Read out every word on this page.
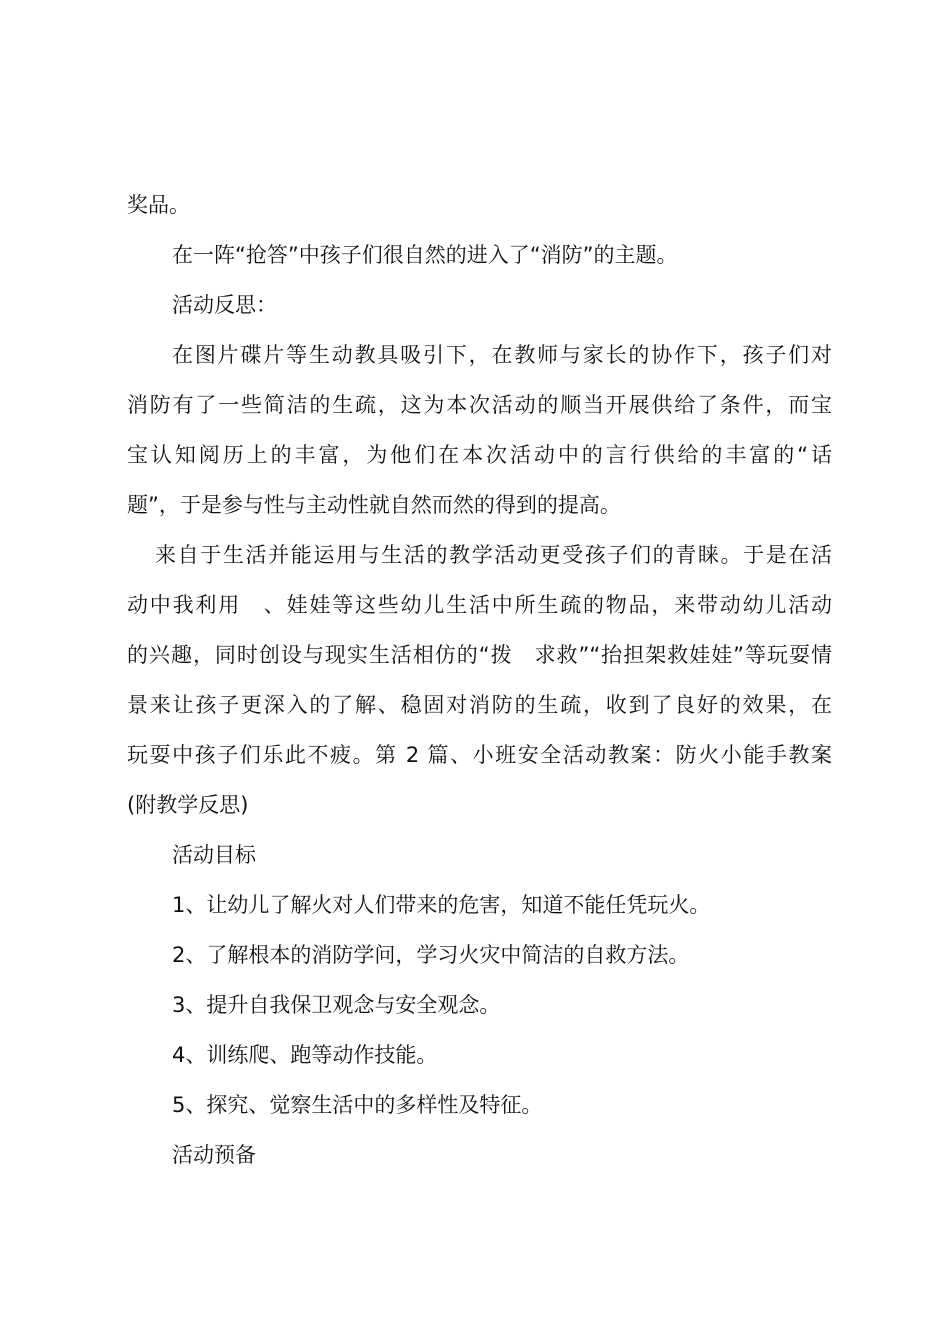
奖品。
在一阵“抢答”中孩子们很自然的进入了“消防”的主题。
活动反思：
在图片碟片等生动教具吸引下，在教师与家长的协作下，孩子们对
消防有了一些简洁的生疏，这为本次活动的顺当开展供给了条件，而宝
宝认知阅历上的丰富，为他们在本次活动中的言行供给的丰富的“话
题”，于是参与性与主动性就自然而然的得到的提高。
来自于生活并能运用与生活的教学活动更受孩子们的青睐。于是在活
动中我利用　、娃娃等这些幼儿生活中所生疏的物品，来带动幼儿活动
的兴趣，同时创设与现实生活相仿的“拨　求救”“抬担架救娃娃”等玩耍情
景来让孩子更深入的了解、稳固对消防的生疏，收到了良好的效果，在
玩耍中孩子们乐此不疲。第 2 篇、小班安全活动教案：防火小能手教案
(附教学反思)
活动目标
1、让幼儿了解火对人们带来的危害，知道不能任凭玩火。
2、了解根本的消防学问，学习火灾中简洁的自救方法。
3、提升自我保卫观念与安全观念。
4、训练爬、跑等动作技能。
5、探究、觉察生活中的多样性及特征。
活动预备
